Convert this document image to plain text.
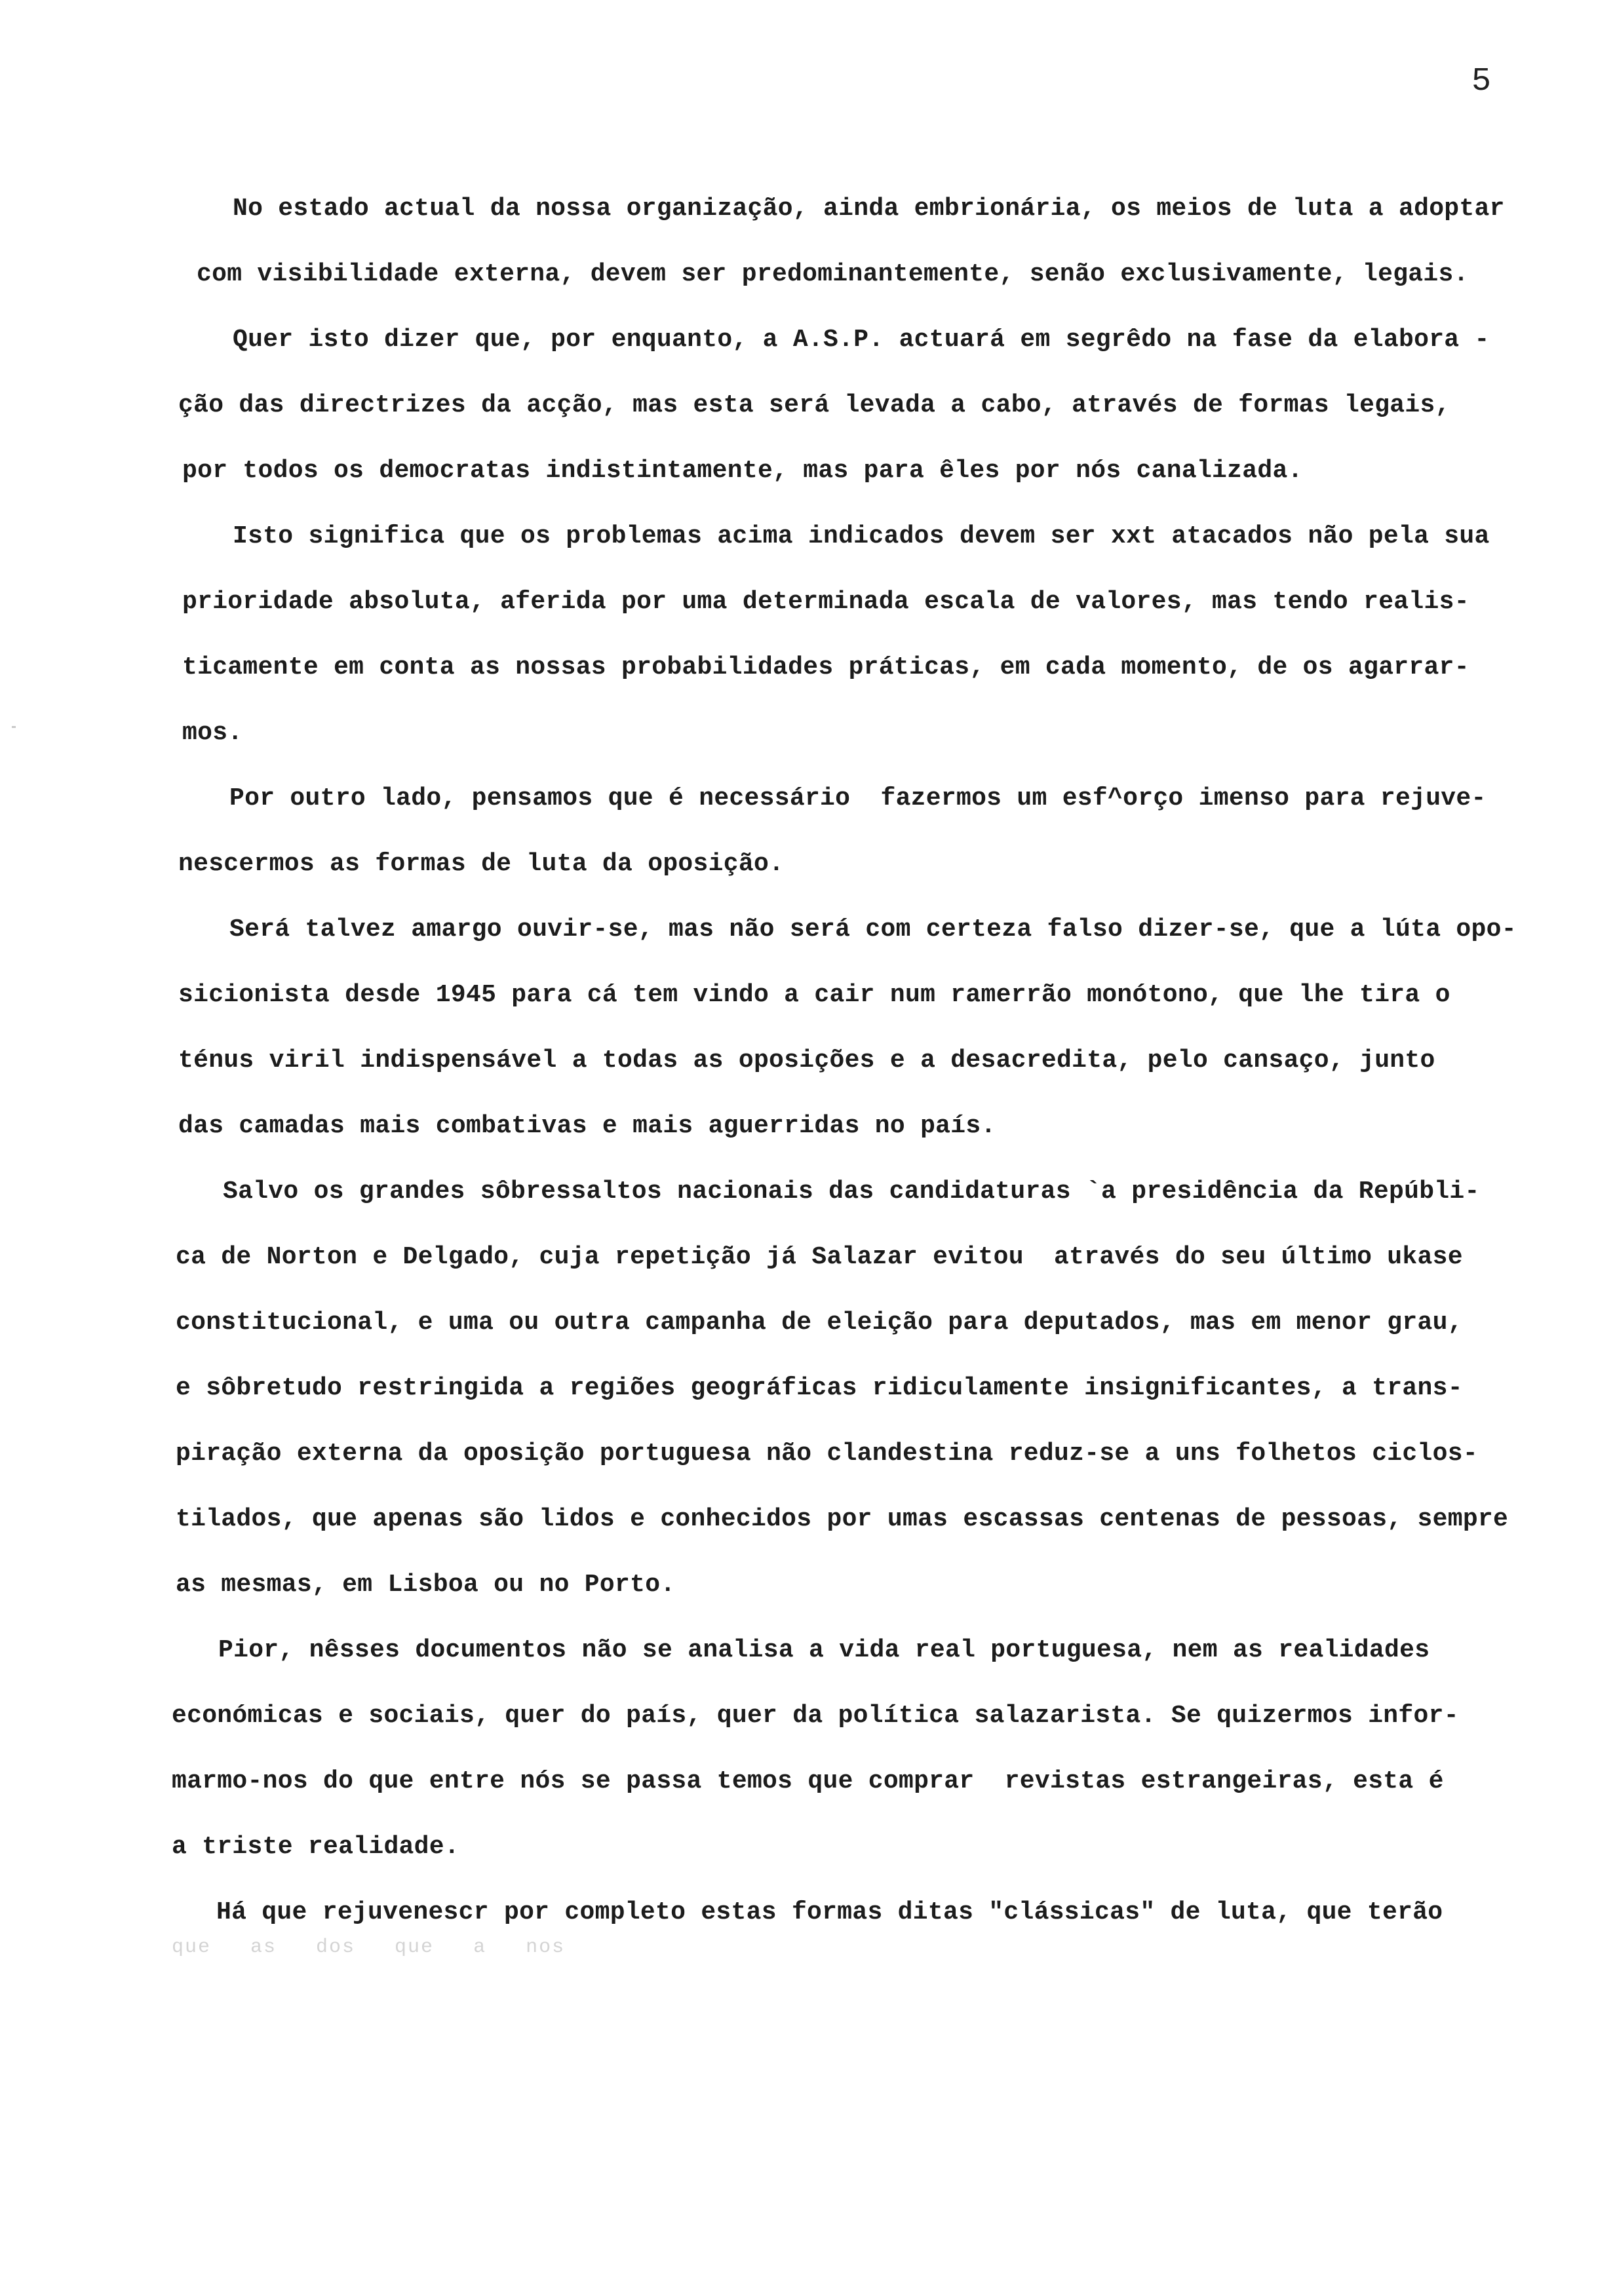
5
No estado actual da nossa organização, ainda embrionária, os meios de luta a adoptar
com visibilidade externa, devem ser predominantemente, senão exclusivamente, legais.
Quer isto dizer que, por enquanto, a A.S.P. actuará em segrêdo na fase da elabora -
ção das directrizes da acção, mas esta será levada a cabo, através de formas legais,
por todos os democratas indistintamente, mas para êles por nós canalizada.
Isto significa que os problemas acima indicados devem ser xxt atacados não pela sua
prioridade absoluta, aferida por uma determinada escala de valores, mas tendo realis-
ticamente em conta as nossas probabilidades práticas, em cada momento, de os agarrar-
mos.
Por outro lado, pensamos que é necessário  fazermos um esf^orço imenso para rejuve-
nescermos as formas de luta da oposição.
Será talvez amargo ouvir-se, mas não será com certeza falso dizer-se, que a lúta opo-
sicionista desde 1945 para cá tem vindo a cair num ramerrão monótono, que lhe tira o
ténus viril indispensável a todas as oposições e a desacredita, pelo cansaço, junto
das camadas mais combativas e mais aguerridas no país.
Salvo os grandes sôbressaltos nacionais das candidaturas `a presidência da Repúbli-
ca de Norton e Delgado, cuja repetição já Salazar evitou  através do seu último ukase
constitucional, e uma ou outra campanha de eleição para deputados, mas em menor grau,
e sôbretudo restringida a regiões geográficas ridiculamente insignificantes, a trans-
piração externa da oposição portuguesa não clandestina reduz-se a uns folhetos ciclos-
tilados, que apenas são lidos e conhecidos por umas escassas centenas de pessoas, sempre
as mesmas, em Lisboa ou no Porto.
Pior, nêsses documentos não se analisa a vida real portuguesa, nem as realidades
económicas e sociais, quer do país, quer da política salazarista. Se quizermos infor-
marmo-nos do que entre nós se passa temos que comprar  revistas estrangeiras, esta é
a triste realidade.
Há que rejuvenescr por completo estas formas ditas "clássicas" de luta, que terão
que   as   dos   que   a   nos
